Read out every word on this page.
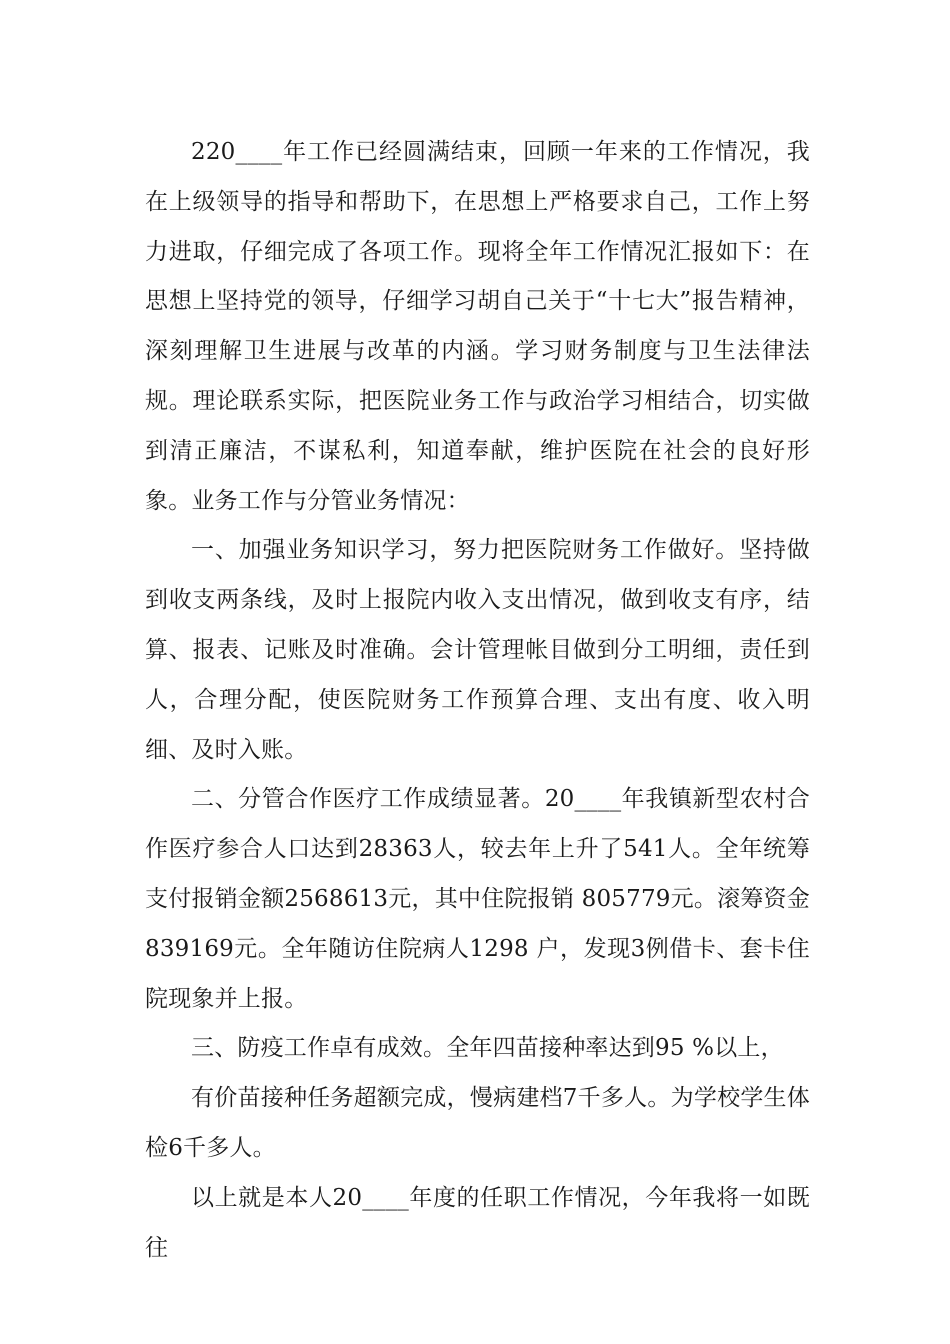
220____年工作已经圆满结束，回顾一年来的工作情况，我在上级领导的指导和帮助下，在思想上严格要求自己，工作上努力进取，仔细完成了各项工作。现将全年工作情况汇报如下：在思想上坚持党的领导，仔细学习胡自己关于“十七大”报告精神，深刻理解卫生进展与改革的内涵。学习财务制度与卫生法律法规。理论联系实际，把医院业务工作与政治学习相结合，切实做到清正廉洁，不谋私利，知道奉献，维护医院在社会的良好形象。业务工作与分管业务情况：

一、加强业务知识学习，努力把医院财务工作做好。坚持做到收支两条线，及时上报院内收入支出情况，做到收支有序，结算、报表、记账及时准确。会计管理帐目做到分工明细，责任到人，合理分配，使医院财务工作预算合理、支出有度、收入明细、及时入账。

二、分管合作医疗工作成绩显著。20____年我镇新型农村合作医疗参合人口达到28363人，较去年上升了541人。全年统筹支付报销金额2568613元，其中住院报销 805779元。滚筹资金839169元。全年随访住院病人1298 户，发现3例借卡、套卡住院现象并上报。

三、防疫工作卓有成效。全年四苗接种率达到95 %以上，

有价苗接种任务超额完成，慢病建档7千多人。为学校学生体检6千多人。

以上就是本人20____年度的任职工作情况，今年我将一如既往
